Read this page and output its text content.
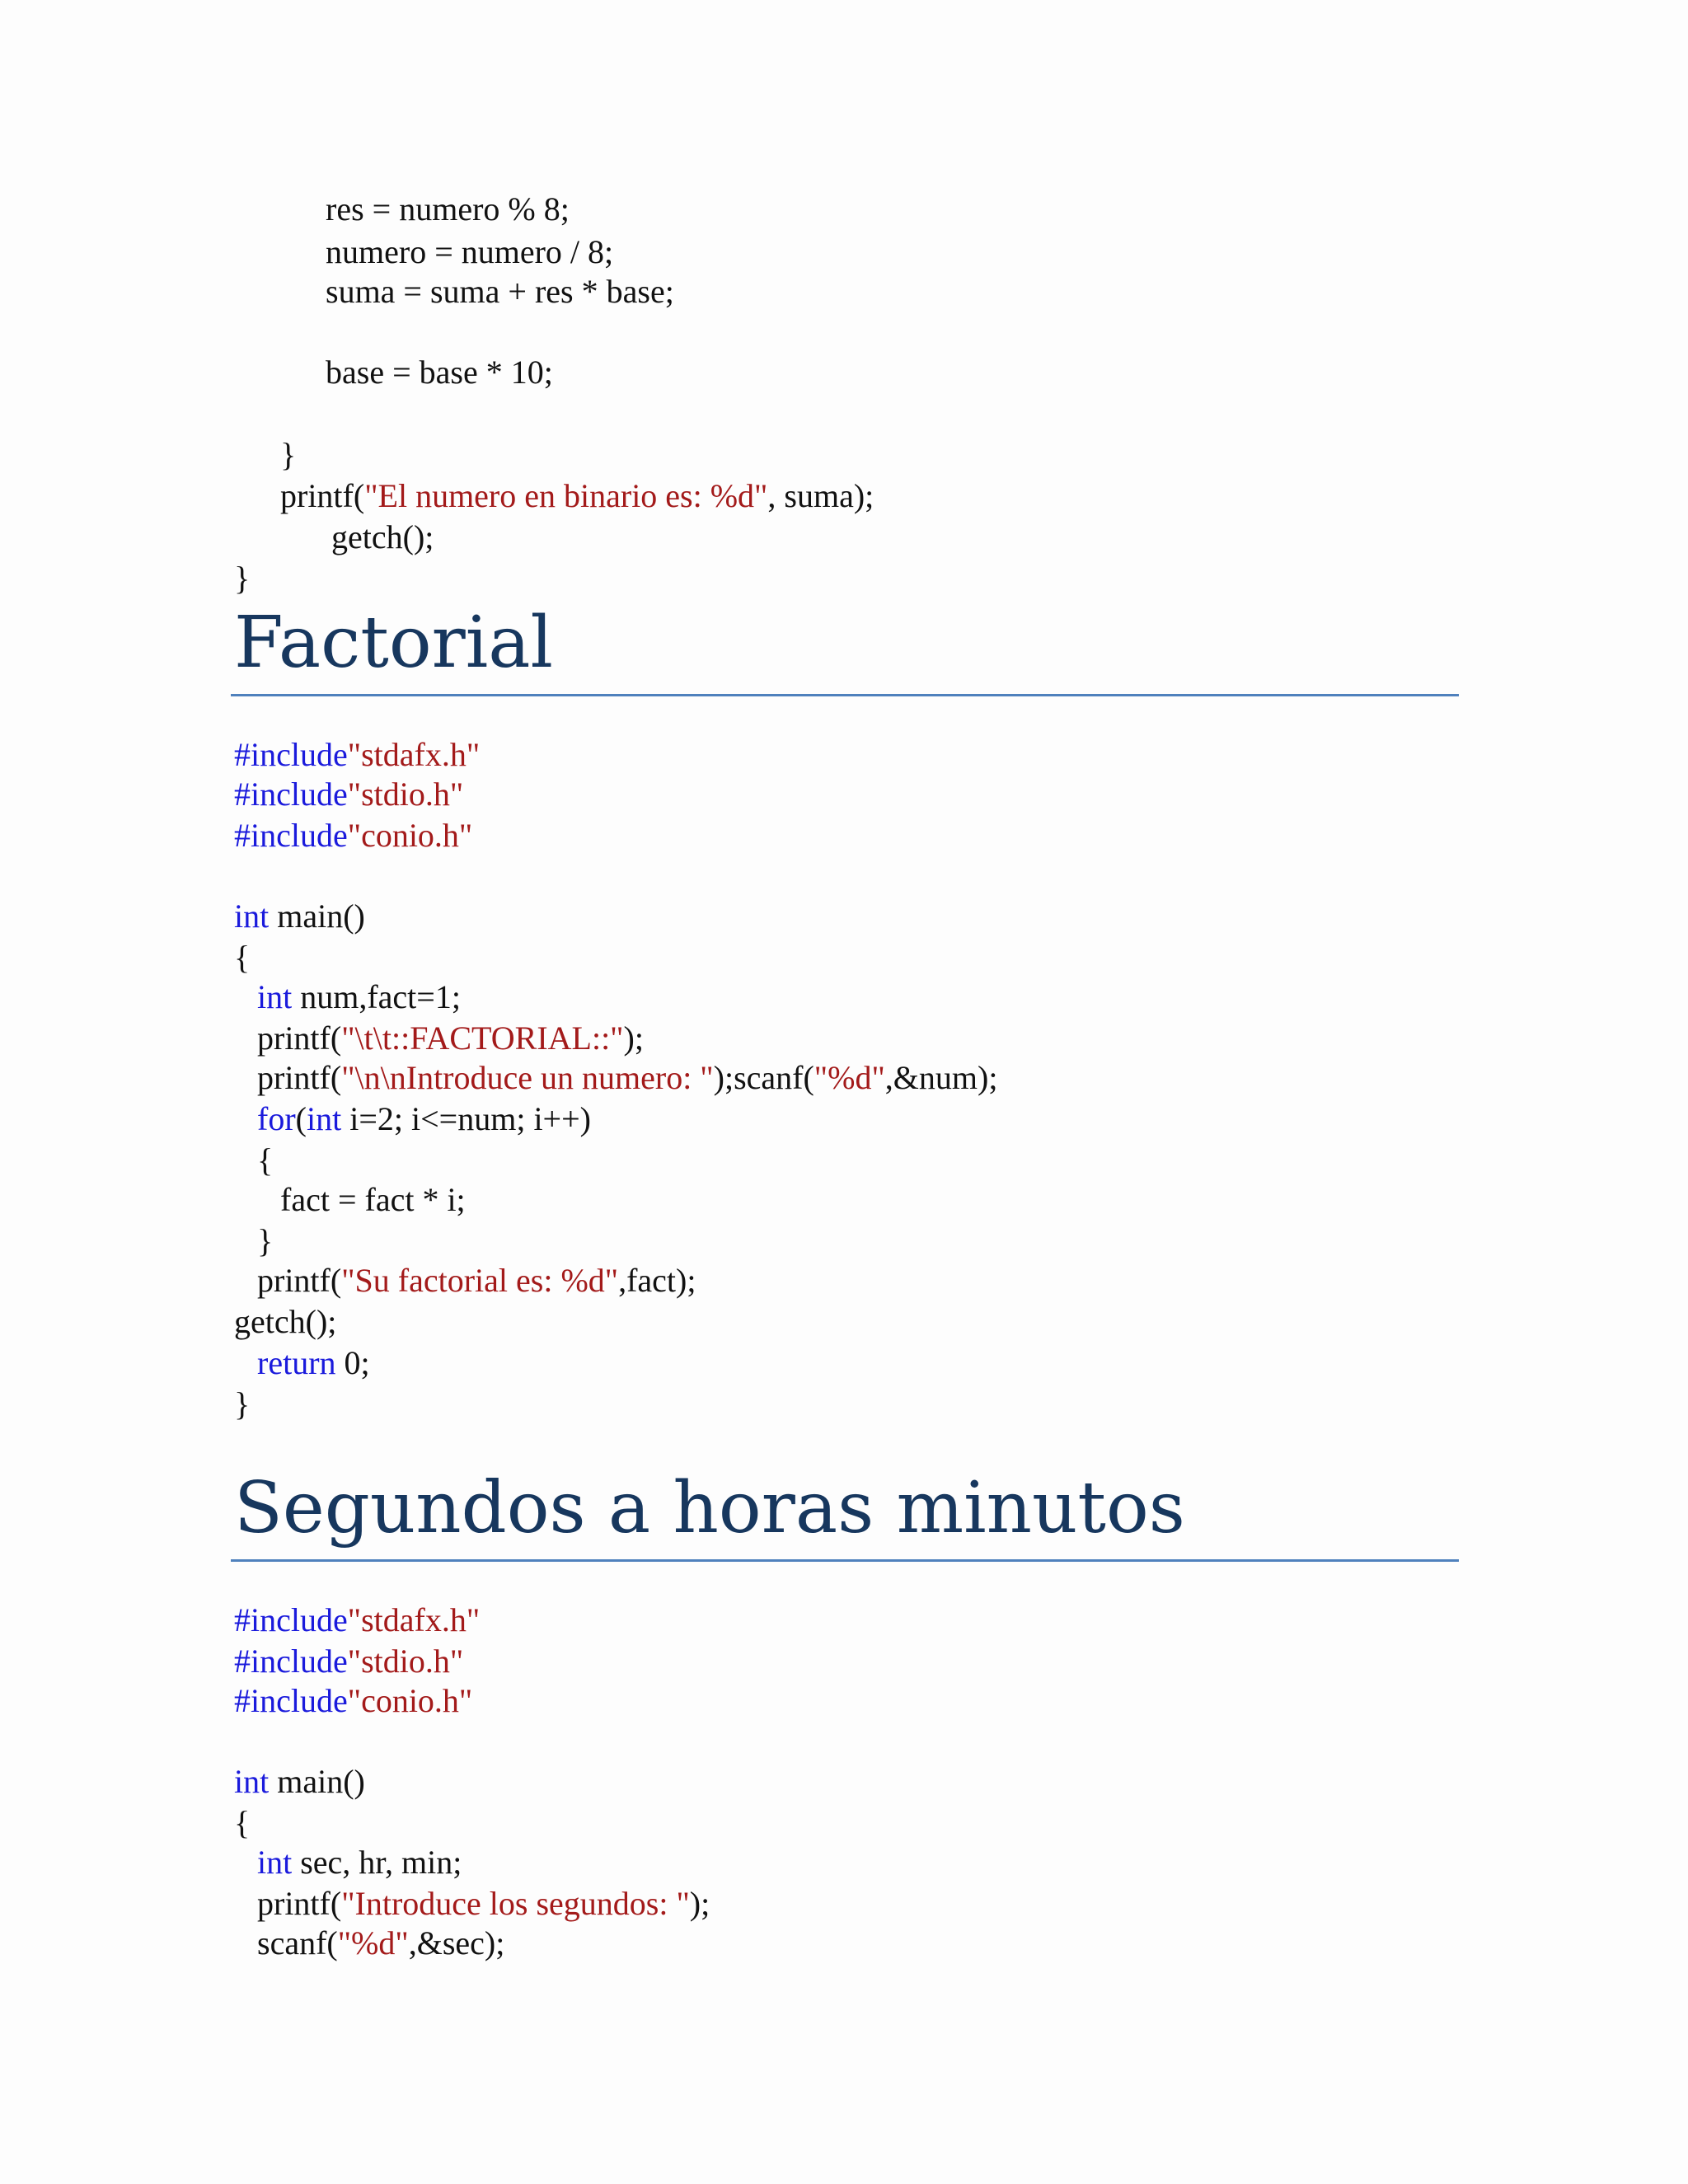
res = numero % 8;
numero = numero / 8;
suma = suma + res * base;
base = base * 10;
}
printf("El numero en binario es: %d", suma);
getch();
}
Factorial
#include"stdafx.h"
#include"stdio.h"
#include"conio.h"
int main()
{
int num,fact=1;
printf("\t\t::FACTORIAL::");
printf("\n\nIntroduce un numero: ");scanf("%d",&num);
for(int i=2; i<=num; i++)
{
fact = fact * i;
}
printf("Su factorial es: %d",fact);
getch();
return 0;
}
Segundos a horas minutos
#include"stdafx.h"
#include"stdio.h"
#include"conio.h"
int main()
{
int sec, hr, min;
printf("Introduce los segundos: ");
scanf("%d",&sec);
